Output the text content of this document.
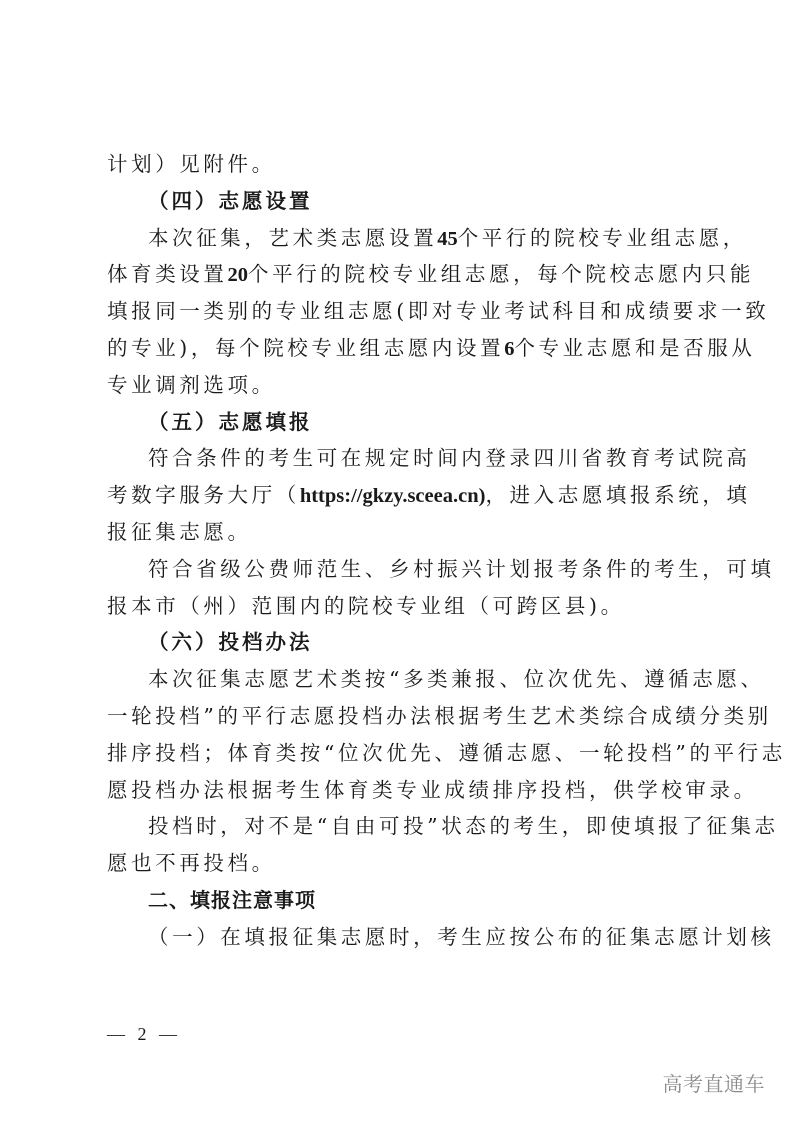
计划）见附件。
（四）志愿设置
本次征集，艺术类志愿设置45个平行的院校专业组志愿，
体育类设置20个平行的院校专业组志愿，每个院校志愿内只能
填报同一类别的专业组志愿(即对专业考试科目和成绩要求一致
的专业)，每个院校专业组志愿内设置6个专业志愿和是否服从
专业调剂选项。
（五）志愿填报
符合条件的考生可在规定时间内登录四川省教育考试院高
考数字服务大厅（https://gkzy.sceea.cn)，进入志愿填报系统，填
报征集志愿。
符合省级公费师范生、乡村振兴计划报考条件的考生，可填
报本市（州）范围内的院校专业组（可跨区县)。
（六）投档办法
本次征集志愿艺术类按“多类兼报、位次优先、遵循志愿、
一轮投档”的平行志愿投档办法根据考生艺术类综合成绩分类别
排序投档；体育类按“位次优先、遵循志愿、一轮投档”的平行志
愿投档办法根据考生体育类专业成绩排序投档，供学校审录。
投档时，对不是“自由可投”状态的考生，即使填报了征集志
愿也不再投档。
二、填报注意事项
（一）在填报征集志愿时，考生应按公布的征集志愿计划核
— 2 —
高考直通车
